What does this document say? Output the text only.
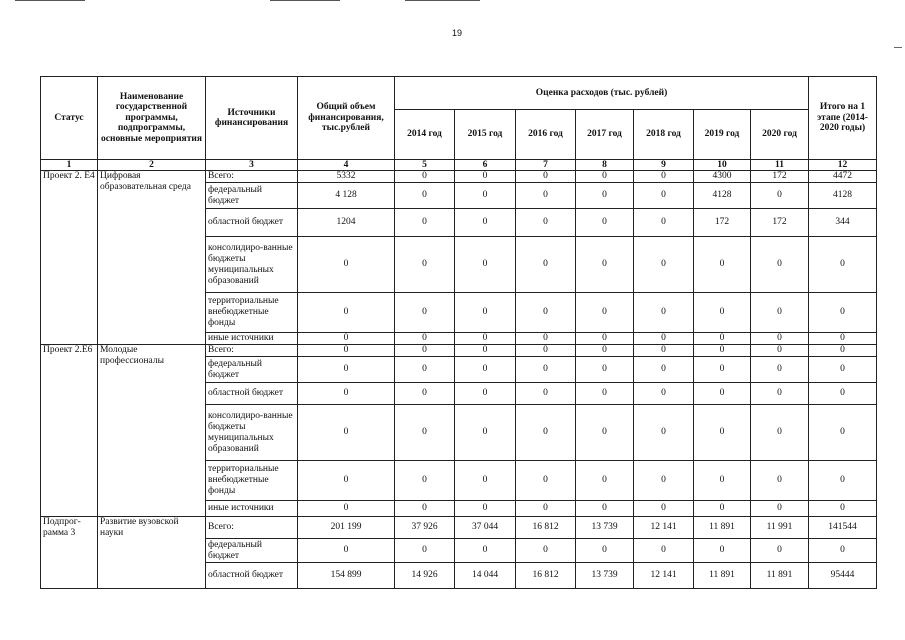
19
Статус	Наименование государственной программы, подпрограммы, основные мероприятия	Источники финансирования	Общий объем финансирования, тыс.рублей	Оценка расходов (тыс. рублей)							Итого на 1 этапе (2014-2020 годы)
				2014 год	2015 год	2016 год	2017 год	2018 год	2019 год	2020 год	
1	2	3	4	5	6	7	8	9	10	11	12
Проект 2. Е4	Цифровая образовательная среда	Всего:	5332	0	0	0	0	0	4300	172	4472
		федеральный бюджет	4 128	0	0	0	0	0	4128	0	4128
		областной бюджет	1204	0	0	0	0	0	172	172	344
		консолидиро-ванные бюджеты муниципальных образований	0	0	0	0	0	0	0	0	0
		территориальные внебюджетные фонды	0	0	0	0	0	0	0	0	0
		иные источники	0	0	0	0	0	0	0	0	0
Проект 2.Е6	Молодые профессионалы	Всего:	0	0	0	0	0	0	0	0	0
		федеральный бюджет	0	0	0	0	0	0	0	0	0
		областной бюджет	0	0	0	0	0	0	0	0	0
		консолидиро-ванные бюджеты муниципальных образований	0	0	0	0	0	0	0	0	0
		территориальные внебюджетные фонды	0	0	0	0	0	0	0	0	0
		иные источники	0	0	0	0	0	0	0	0	0
Подпрог-рамма 3	Развитие вузовской науки	Всего:	201 199	37 926	37 044	16 812	13 739	12 141	11 891	11 991	141544
		федеральный бюджет	0	0	0	0	0	0	0	0	0
		областной бюджет	154 899	14 926	14 044	16 812	13 739	12 141	11 891	11 891	95444
